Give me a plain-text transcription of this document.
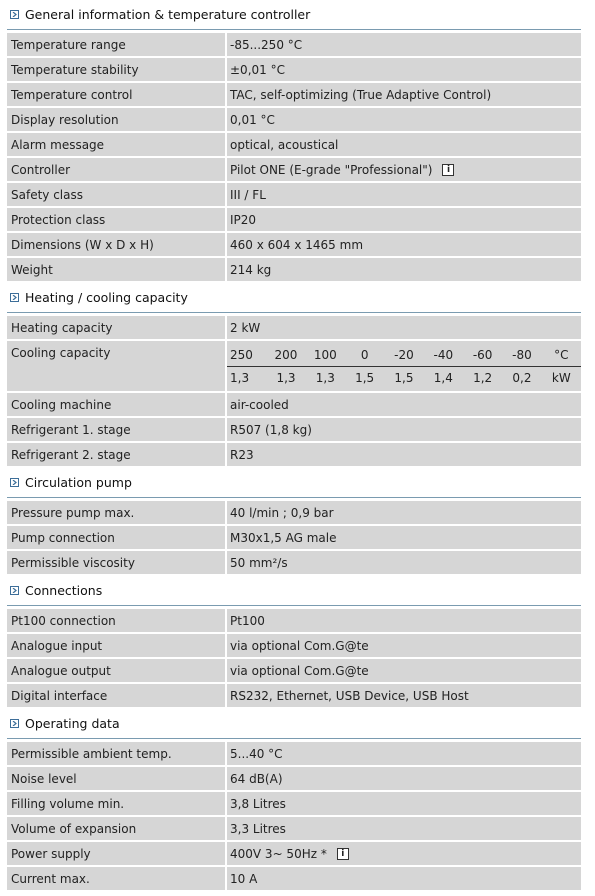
General information & temperature controller
Temperature range	-85...250 °C
Temperature stability	±0,01 °C
Temperature control	TAC, self-optimizing (True Adaptive Control)
Display resolution	0,01 °C
Alarm message	optical, acoustical
Controller	Pilot ONE (E-grade "Professional") i
Safety class	III / FL
Protection class	IP20
Dimensions (W x D x H)	460 x 604 x 1465 mm
Weight	214 kg
Heating / cooling capacity
Heating capacity	2 kW
Cooling capacity		250	200	100	0	-20	-40	-60	-80	°C
1,3	1,3	1,3	1,5	1,5	1,4	1,2	0,2	kW

Cooling machine	air-cooled
Refrigerant 1. stage	R507 (1,8 kg)
Refrigerant 2. stage	R23
Circulation pump
Pressure pump max.	40 l/min ; 0,9 bar
Pump connection	M30x1,5 AG male
Permissible viscosity	50 mm²/s
Connections
Pt100 connection	Pt100
Analogue input	via optional Com.G@te
Analogue output	via optional Com.G@te
Digital interface	RS232, Ethernet, USB Device, USB Host
Operating data
Permissible ambient temp.	5...40 °C
Noise level	64 dB(A)
Filling volume min.	3,8 Litres
Volume of expansion	3,3 Litres
Power supply	400V 3~ 50Hz * i
Current max.	10 A
